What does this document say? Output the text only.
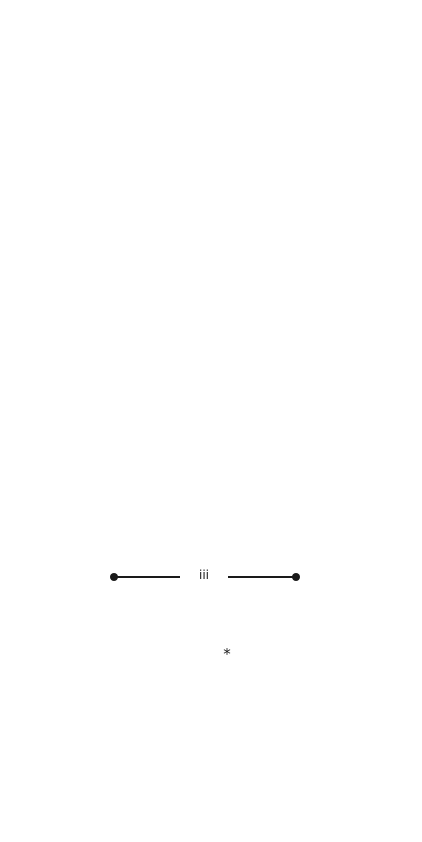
*
iii
